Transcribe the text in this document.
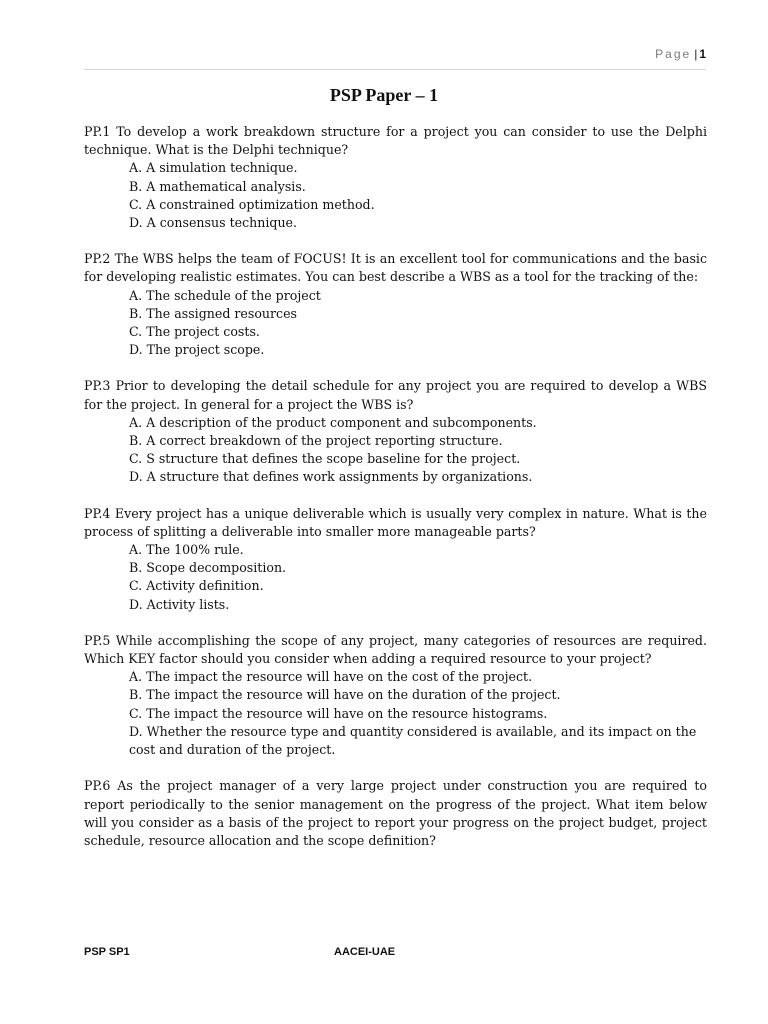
Page | 1
PSP Paper – 1
PP.1 To develop a work breakdown structure for a project you can consider to use the Delphi technique. What is the Delphi technique?
A. A simulation technique.
B. A mathematical analysis.
C. A constrained optimization method.
D. A consensus technique.
PP.2 The WBS helps the team of FOCUS! It is an excellent tool for communications and the basic for developing realistic estimates. You can best describe a WBS as a tool for the tracking of the:
A. The schedule of the project
B. The assigned resources
C. The project costs.
D. The project scope.
PP.3 Prior to developing the detail schedule for any project you are required to develop a WBS for the project. In general for a project the WBS is?
A. A description of the product component and subcomponents.
B. A correct breakdown of the project reporting structure.
C. S structure that defines the scope baseline for the project.
D. A structure that defines work assignments by organizations.
PP.4 Every project has a unique deliverable which is usually very complex in nature. What is the process of splitting a deliverable into smaller more manageable parts?
A. The 100% rule.
B. Scope decomposition.
C. Activity definition.
D. Activity lists.
PP.5 While accomplishing the scope of any project, many categories of resources are required. Which KEY factor should you consider when adding a required resource to your project?
A. The impact the resource will have on the cost of the project.
B. The impact the resource will have on the duration of the project.
C. The impact the resource will have on the resource histograms.
D. Whether the resource type and quantity considered is available, and its impact on the cost and duration of the project.
PP.6 As the project manager of a very large project under construction you are required to report periodically to the senior management on the progress of the project. What item below will you consider as a basis of the project to report your progress on the project budget, project schedule, resource allocation and the scope definition?
PSP SP1	AACEI-UAE
